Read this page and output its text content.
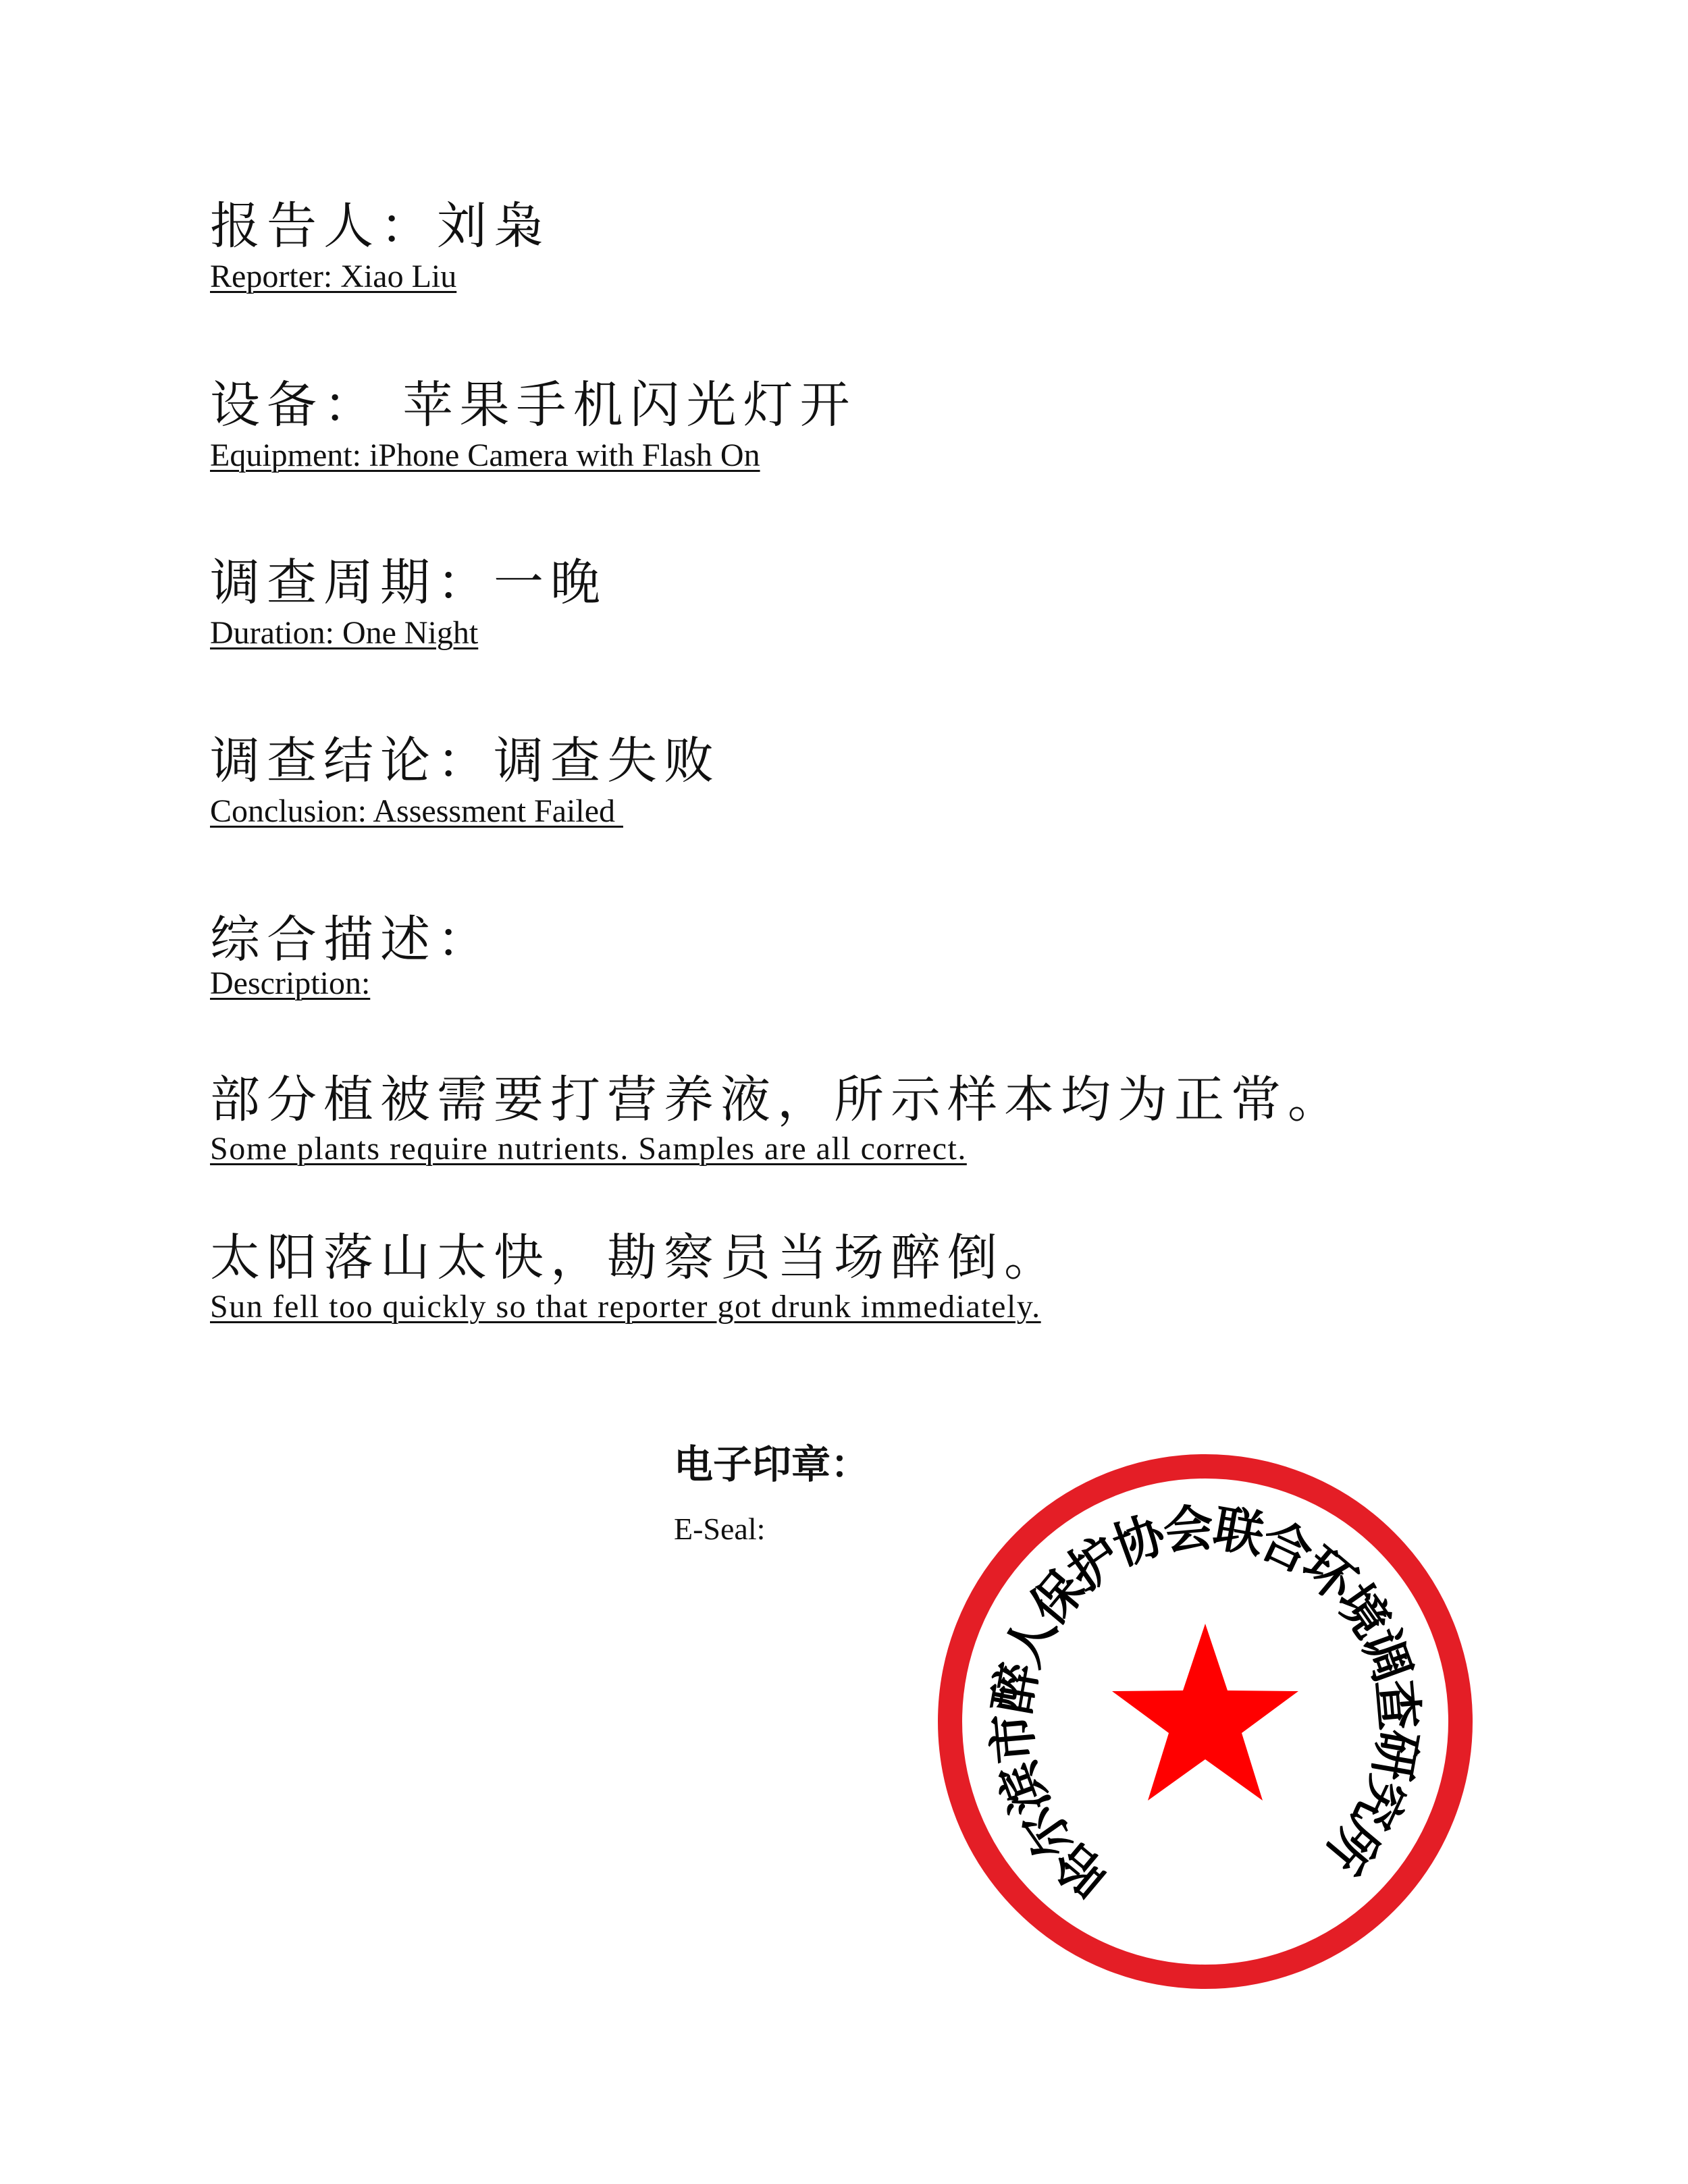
报告人：刘枭
Reporter: Xiao Liu
设备： 苹果手机闪光灯开
Equipment: iPhone Camera with Flash On
调查周期：一晚
Duration: One Night
调查结论：调查失败
Conclusion: Assessment Failed
综合描述：
Description:
部分植被需要打营养液，所示样本均为正常。
Some plants require nutrients. Samples are all correct.
太阳落山太快，勘察员当场醉倒。
Sun fell too quickly so that reporter got drunk immediately.
电子印章：
E-Seal:
哈
尔
滨
市
醉
人
保
护
协
会
联
合
环
境
调
查
研
究
所
